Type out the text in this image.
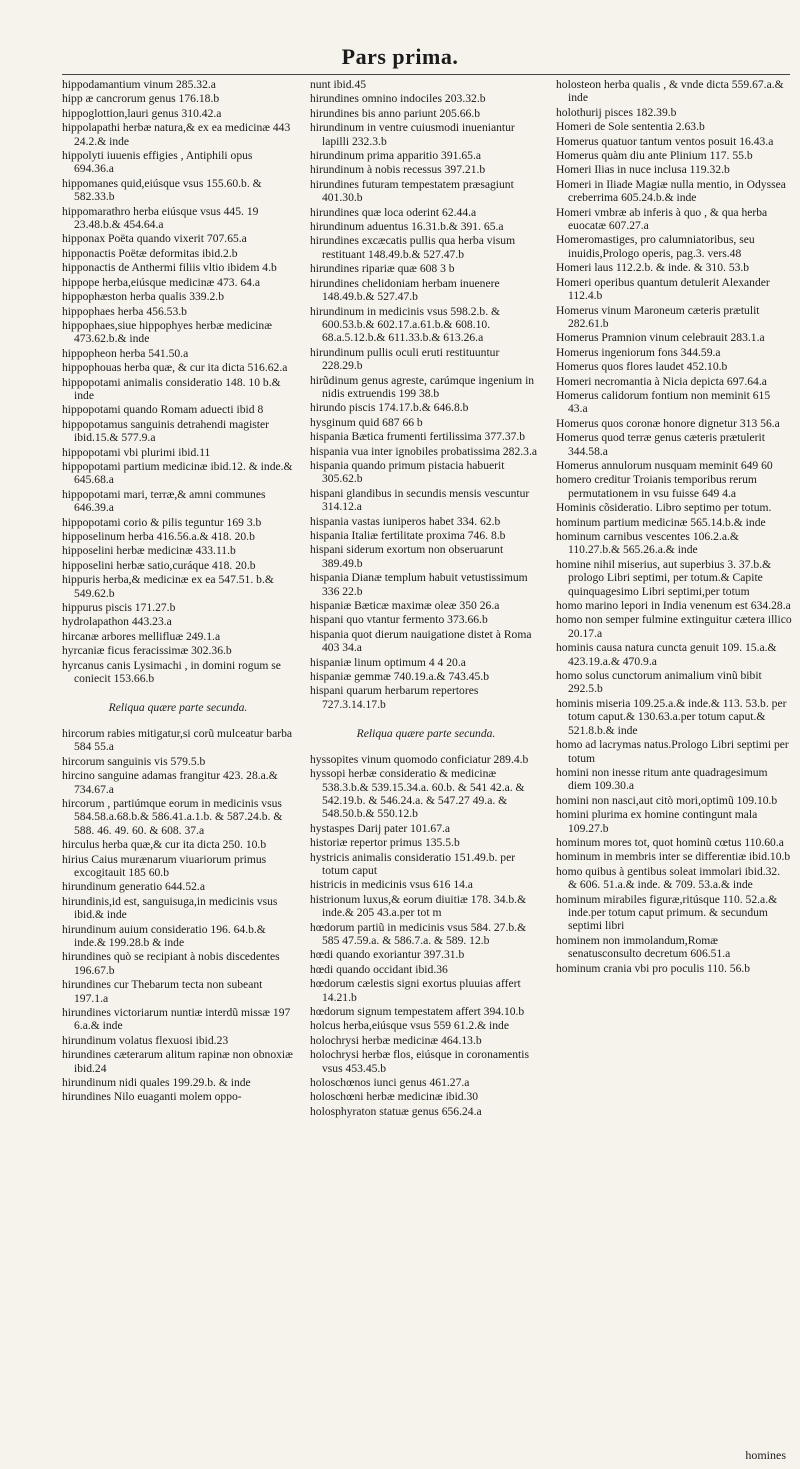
Pars prima.
hippodamantium vinum 285.32.a
hipp æ cancrorum genus 176.18.b
hippoglottion,lauri genus 310.42.a
hippolapathi herbæ natura,& ex ea medicinæ 443 24.2.& inde
hippolyti iuuenis effigies , Antiphili opus 694.36.a
hippomanes quid,eiúsque vsus 155.60.b. & 582.33.b
hippomarathro herba eiúsque vsus 445. 19 23.48.b.& 454.64.a
hipponax Poëta quando vixerit 707.65.a
hipponactis Poëtæ deformitas ibid.2.b
hipponactis de Anthermi filiis vltio ibidem 4.b
hippope herba,eiúsque medicinæ 473. 64.a
hippophæston herba qualis 339.2.b
hippophaes herba 456.53.b
hippophaes,siue hippophyes herbæ medicinæ 473.62.b.& inde
hippopheon herba 541.50.a
hippophouas herba quæ, & cur ita dicta 516.62.a
hippopotami animalis consideratio 148. 10 b.& inde
hippopotami quando Romam aduecti ibid 8
hippopotamus sanguinis detrahendi magister ibid.15.& 577.9.a
hippopotami vbi plurimi ibid.11
hippopotami partium medicinæ ibid.12. & inde.& 645.68.a
hippopotami mari, terræ,& amni communes 646.39.a
hippopotami corio & pilis teguntur 169 3.b
hipposelinum herba 416.56.a.& 418. 20.b
hipposelini herbæ medicinæ 433.11.b
hipposelini herbæ satio,curáque 418. 20.b
hippuris herba,& medicinæ ex ea 547.51. b.& 549.62.b
hippurus piscis 171.27.b
hydrolapathon 443.23.a
hircanæ arbores mellifluæ 249.1.a
hyrcaniæ ficus feracissimæ 302.36.b
hyrcanus canis Lysimachi , in domini rogum se coniecit 153.66.b
Reliqua quære parte secunda.
hircorum rabies mitigatur,si corũ mulceatur barba 584 55.a
hircorum sanguinis vis 579.5.b
hircino sanguine adamas frangitur 423. 28.a.& 734.67.a
hircorum , partiúmque eorum in medicinis vsus 584.58.a.68.b.& 586.41.a.1.b. & 587.24.b. & 588. 46. 49. 60. & 608. 37.a
hirculus herba quæ,& cur ita dicta 250. 10.b
hirius Caius murænarum viuariorum primus excogitauit 185 60.b
hirundinum generatio 644.52.a
hirundinis,id est, sanguisuga,in medicinis vsus ibid.& inde
hirundinum auium consideratio 196. 64.b.& inde.& 199.28.b & inde
hirundines quò se recipiant à nobis discedentes 196.67.b
hirundines cur Thebarum tecta non subeant 197.1.a
hirundines victoriarum nuntiæ interdũ missæ 197 6.a.& inde
hirundinum volatus flexuosi ibid.23
hirundines cæterarum alitum rapinæ non obnoxiæ ibid.24
hirundinum nidi quales 199.29.b. & inde
hirundines Nilo euaganti molem oppo-
nunt ibid.45
hirundines omnino indociles 203.32.b
hirundines bis anno pariunt 205.66.b
hirundinum in ventre cuiusmodi inueniantur lapilli 232.3.b
hirundinum prima apparitio 391.65.a
hirundinum à nobis recessus 397.21.b
hirundines futuram tempestatem præsagiunt 401.30.b
hirundines quæ loca oderint 62.44.a
hirundinum aduentus 16.31.b.& 391. 65.a
hirundines excæcatis pullis qua herba visum restituant 148.49.b.& 527.47.b
hirundines ripariæ quæ 608 3 b
hirundines chelidoniam herbam inuenere 148.49.b.& 527.47.b
hirundinum in medicinis vsus 598.2.b. & 600.53.b.& 602.17.a.61.b.& 608.10. 68.a.5.12.b.& 611.33.b.& 613.26.a
hirundinum pullis oculi eruti restituuntur 228.29.b
hirũdinum genus agreste, carúmque ingenium in nidis extruendis 199 38.b
hirundo piscis 174.17.b.& 646.8.b
hysginum quid 687 66 b
hispania Bætica frumenti fertilissima 377.37.b
hispania vua inter ignobiles probatissima 282.3.a
hispania quando primum pistacia habuerit 305.62.b
hispani glandibus in secundis mensis vescuntur 314.12.a
hispania vastas iuniperos habet 334. 62.b
hispania Italiæ fertilitate proxima 746. 8.b
hispani siderum exortum non obseruarunt 389.49.b
hispania Dianæ templum habuit vetustissimum 336 22.b
hispaniæ Bæticæ maximæ oleæ 350 26.a
hispani quo vtantur fermento 373.66.b
hispania quot dierum nauigatione distet à Roma 403 34.a
hispaniæ linum optimum 4 4 20.a
hispaniæ gemmæ 740.19.a.& 743.45.b
hispani quarum herbarum repertores 727.3.14.17.b
Reliqua quære parte secunda.
hyssopites vinum quomodo conficiatur 289.4.b
hyssopi herbæ consideratio & medicinæ 538.3.b.& 539.15.34.a. 60.b. & 541 42.a. & 542.19.b. & 546.24.a. & 547.27 49.a. & 548.50.b.& 550.12.b
hystaspes Darij pater 101.67.a
historiæ repertor primus 135.5.b
hystricis animalis consideratio 151.49.b. per totum caput
histricis in medicinis vsus 616 14.a
histrionum luxus,& eorum diuitiæ 178. 34.b.& inde.& 205 43.a.per tot m
hœdorum partiũ in medicinis vsus 584. 27.b.& 585 47.59.a. & 586.7.a. & 589. 12.b
hœdi quando exoriantur 397.31.b
hœdi quando occidant ibid.36
hœdorum cælestis signi exortus pluuias affert 14.21.b
hœdorum signum tempestatem affert 394.10.b
holcus herba,eiúsque vsus 559 61.2.& inde
holochrysi herbæ medicinæ 464.13.b
holochrysi herbæ flos, eiúsque in coronamentis vsus 453.45.b
holoschœnos iunci genus 461.27.a
holoschœni herbæ medicinæ ibid.30
holosphyraton statuæ genus 656.24.a
holosteon herba qualis , & vnde dicta 559.67.a.& inde
holothurij pisces 182.39.b
Homeri de Sole sententia 2.63.b
Homerus quatuor tantum ventos posuit 16.43.a
Homerus quàm diu ante Plinium 117. 55.b
Homeri Ilias in nuce inclusa 119.32.b
Homeri in Iliade Magiæ nulla mentio, in Odyssea creberrima 605.24.b.& inde
Homeri vmbræ ab inferis à quo , & qua herba euocatæ 607.27.a
Homeromastiges, pro calumniatoribus, seu inuidis,Prologo operis, pag.3. vers.48
Homeri laus 112.2.b. & inde. & 310. 53.b
Homeri operibus quantum detulerit Alexander 112.4.b
Homerus vinum Maroneum cæteris prætulit 282.61.b
Homerus Pramnion vinum celebrauit 283.1.a
Homerus ingeniorum fons 344.59.a
Homerus quos flores laudet 452.10.b
Homeri necromantia à Nicia depicta 697.64.a
Homerus calidorum fontium non meminit 615 43.a
Homerus quos coronæ honore dignetur 313 56.a
Homerus quod terræ genus cæteris prætulerit 344.58.a
Homerus annulorum nusquam meminit 649 60
homero creditur Troianis temporibus rerum permutationem in vsu fuisse 649 4.a
Hominis cõsideratio. Libro septimo per totum.
hominum partium medicinæ 565.14.b.& inde
hominum carnibus vescentes 106.2.a.& 110.27.b.& 565.26.a.& inde
homine nihil miserius, aut superbius 3. 37.b.& prologo Libri septimi, per totum.& Capite quinquagesimo Libri septimi,per totum
homo marino lepori in India venenum est 634.28.a
homo non semper fulmine extinguitur cætera illico 20.17.a
hominis causa natura cuncta genuit 109. 15.a.& 423.19.a.& 470.9.a
homo solus cunctorum animalium vinũ bibit 292.5.b
hominis miseria 109.25.a.& inde.& 113. 53.b. per totum caput.& 130.63.a.per totum caput.& 521.8.b.& inde
homo ad lacrymas natus.Prologo Libri septimi per totum
homini non inesse ritum ante quadragesimum diem 109.30.a
homini non nasci,aut citò mori,optimũ 109.10.b
homini plurima ex homine contingunt mala 109.27.b
hominum mores tot, quot hominũ cœtus 110.60.a
hominum in membris inter se differentiæ ibid.10.b
homo quibus à gentibus soleat immolari ibid.32. & 606. 51.a.& inde. & 709. 53.a.& inde
hominum mirabiles figuræ,ritúsque 110. 52.a.& inde.per totum caput primum. & secundum septimi libri
hominem non immolandum,Romæ senatusconsulto decretum 606.51.a
hominum crania vbi pro poculis 110. 56.b
homines
